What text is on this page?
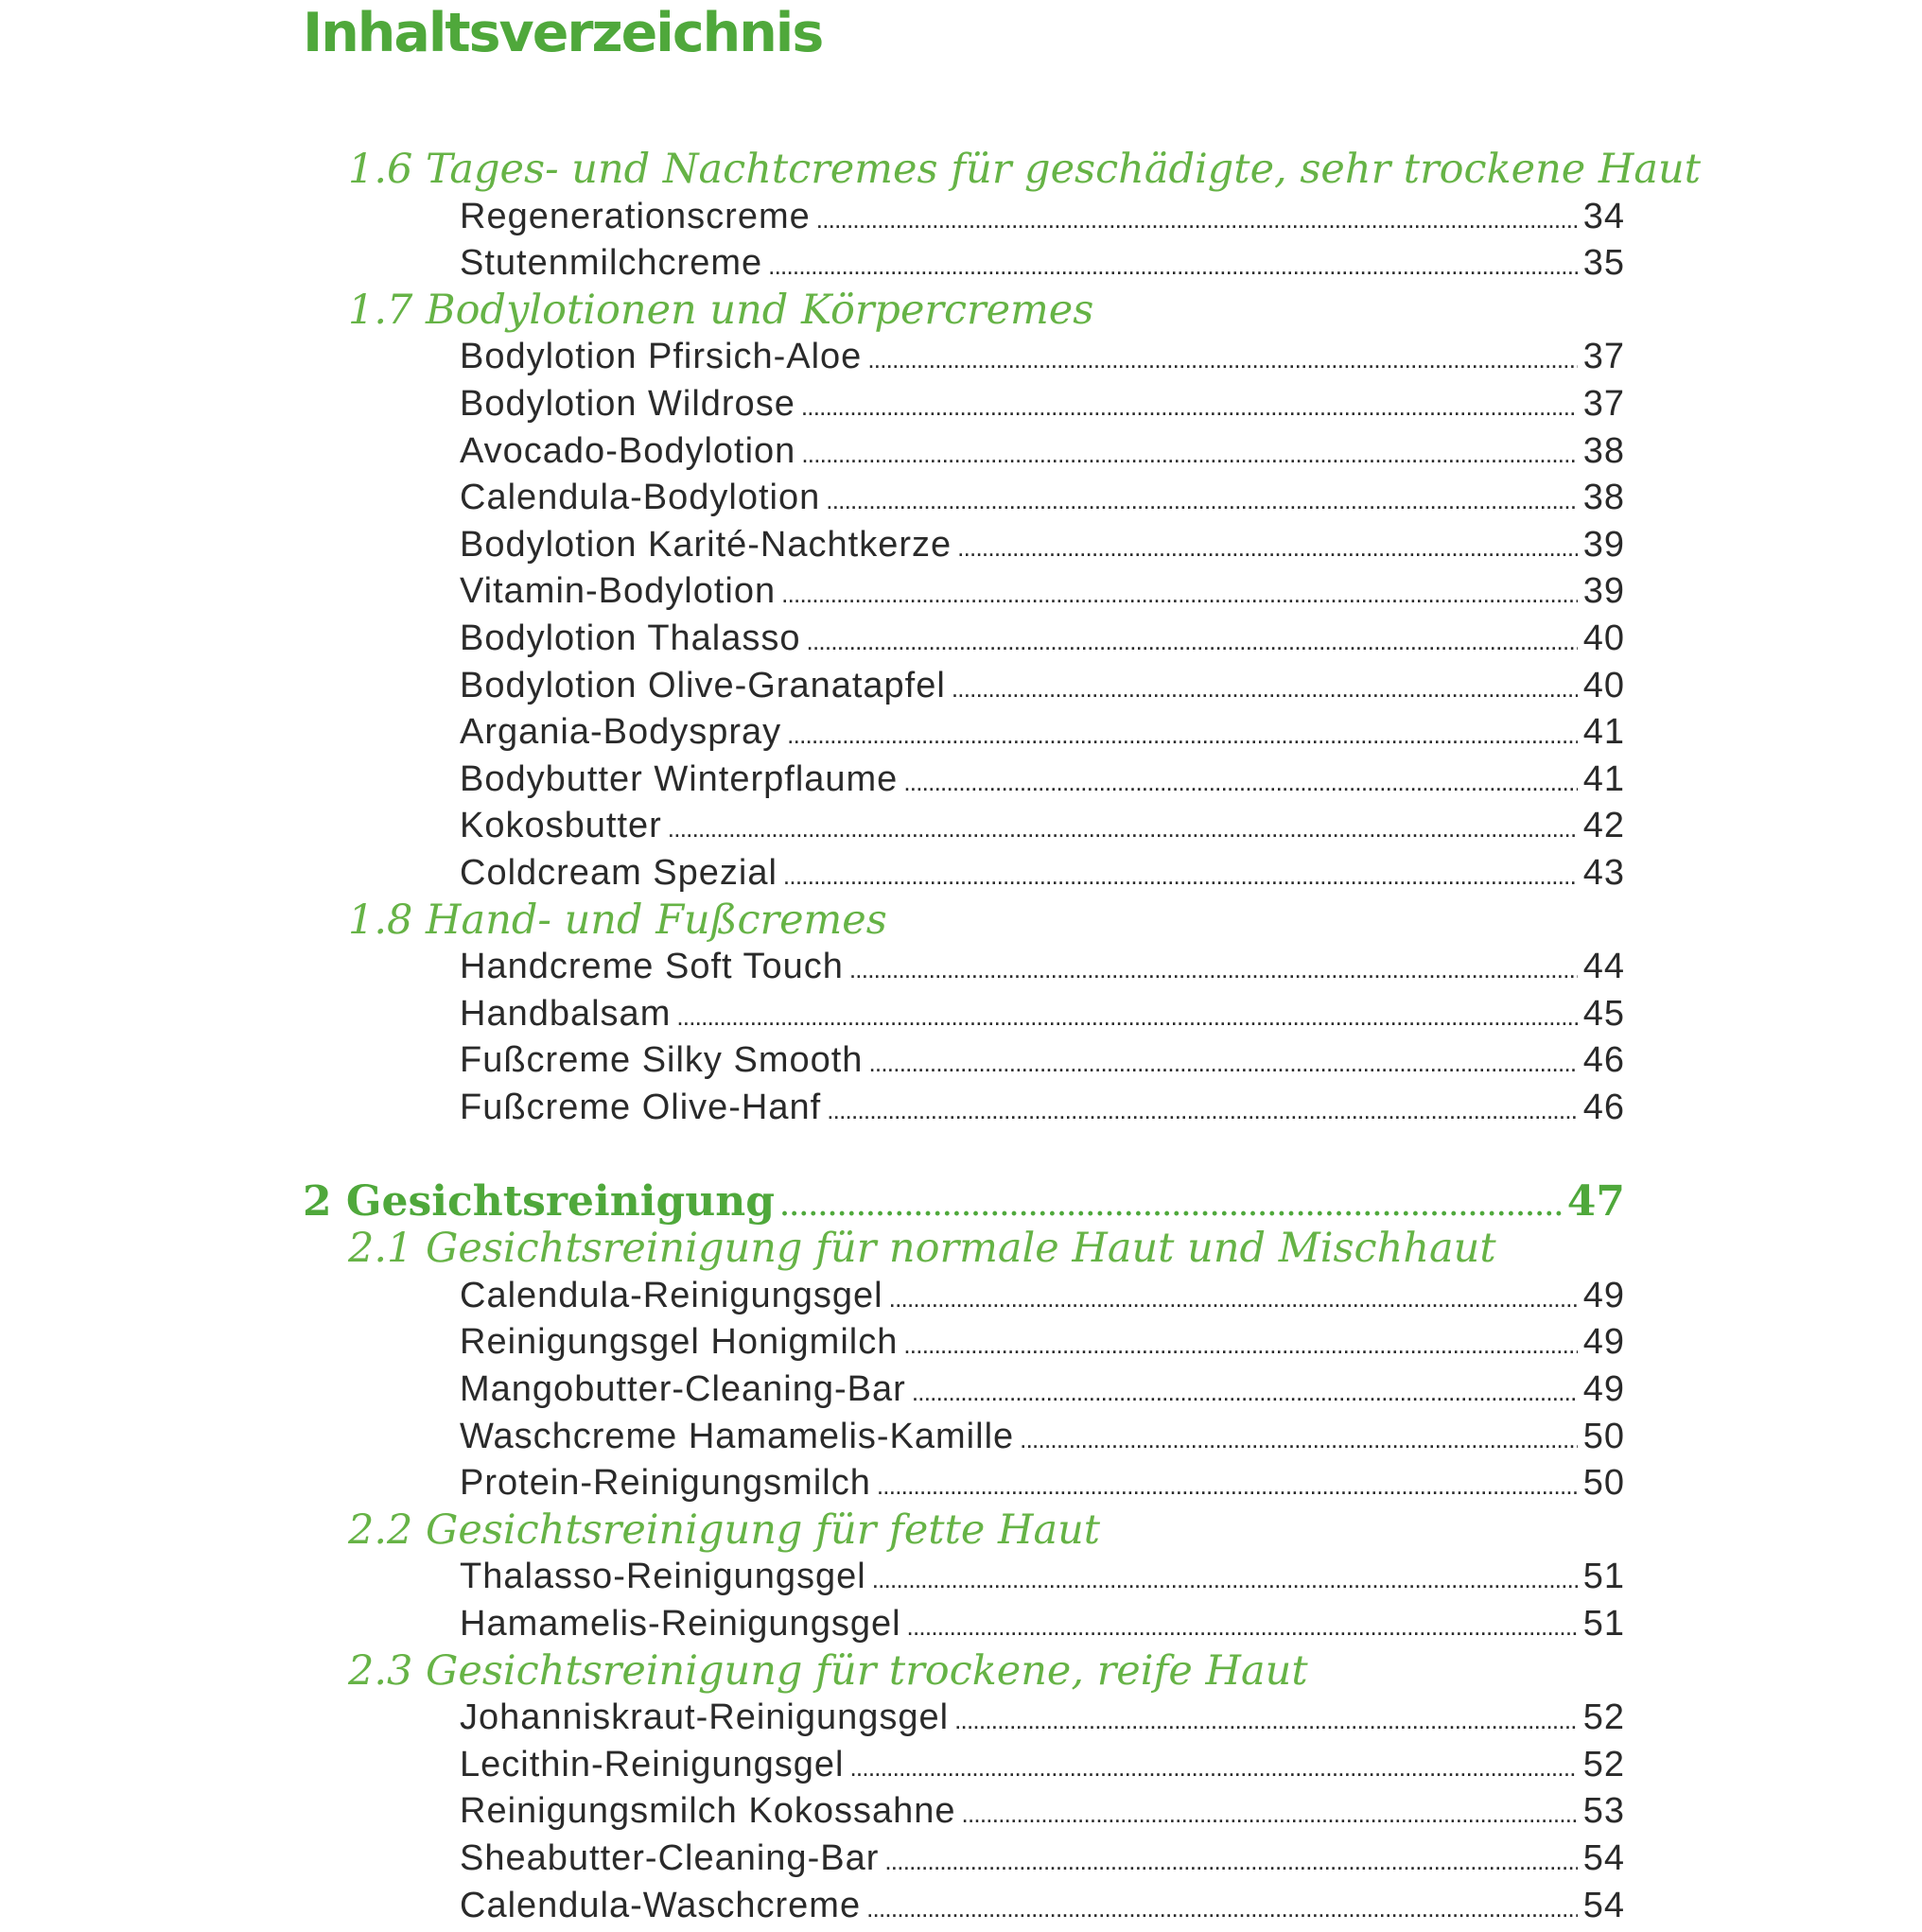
Inhaltsverzeichnis
1.6 Tages- und Nachtcremes für geschädigte, sehr trockene Haut
Regenerationscreme . . .	34
Stutenmilchcreme . . .	35
1.7 Bodylotionen und Körpercremes
Bodylotion Pfirsich-Aloe . . .	37
Bodylotion Wildrose . . .	37
Avocado-Bodylotion . . .	38
Calendula-Bodylotion . . .	38
Bodylotion Karité-Nachtkerze . . .	39
Vitamin-Bodylotion . . .	39
Bodylotion Thalasso . . .	40
Bodylotion Olive-Granatapfel . . .	40
Argania-Bodyspray . . .	41
Bodybutter Winterpflaume . . .	41
Kokosbutter . . .	42
Coldcream Spezial . . .	43
1.8 Hand- und Fußcremes
Handcreme Soft Touch . . .	44
Handbalsam . . .	45
Fußcreme Silky Smooth . . .	46
Fußcreme Olive-Hanf . . .	46
2 Gesichtsreinigung . . .	47
2.1 Gesichtsreinigung für normale Haut und Mischhaut
Calendula-Reinigungsgel . . .	49
Reinigungsgel Honigmilch . . .	49
Mangobutter-Cleaning-Bar . . .	49
Waschcreme Hamamelis-Kamille . . .	50
Protein-Reinigungsmilch . . .	50
2.2 Gesichtsreinigung für fette Haut
Thalasso-Reinigungsgel . . .	51
Hamamelis-Reinigungsgel . . .	51
2.3 Gesichtsreinigung für trockene, reife Haut
Johanniskraut-Reinigungsgel . . .	52
Lecithin-Reinigungsgel . . .	52
Reinigungsmilch Kokossahne . . .	53
Sheabutter-Cleaning-Bar . . .	54
Calendula-Waschcreme . . .	54
